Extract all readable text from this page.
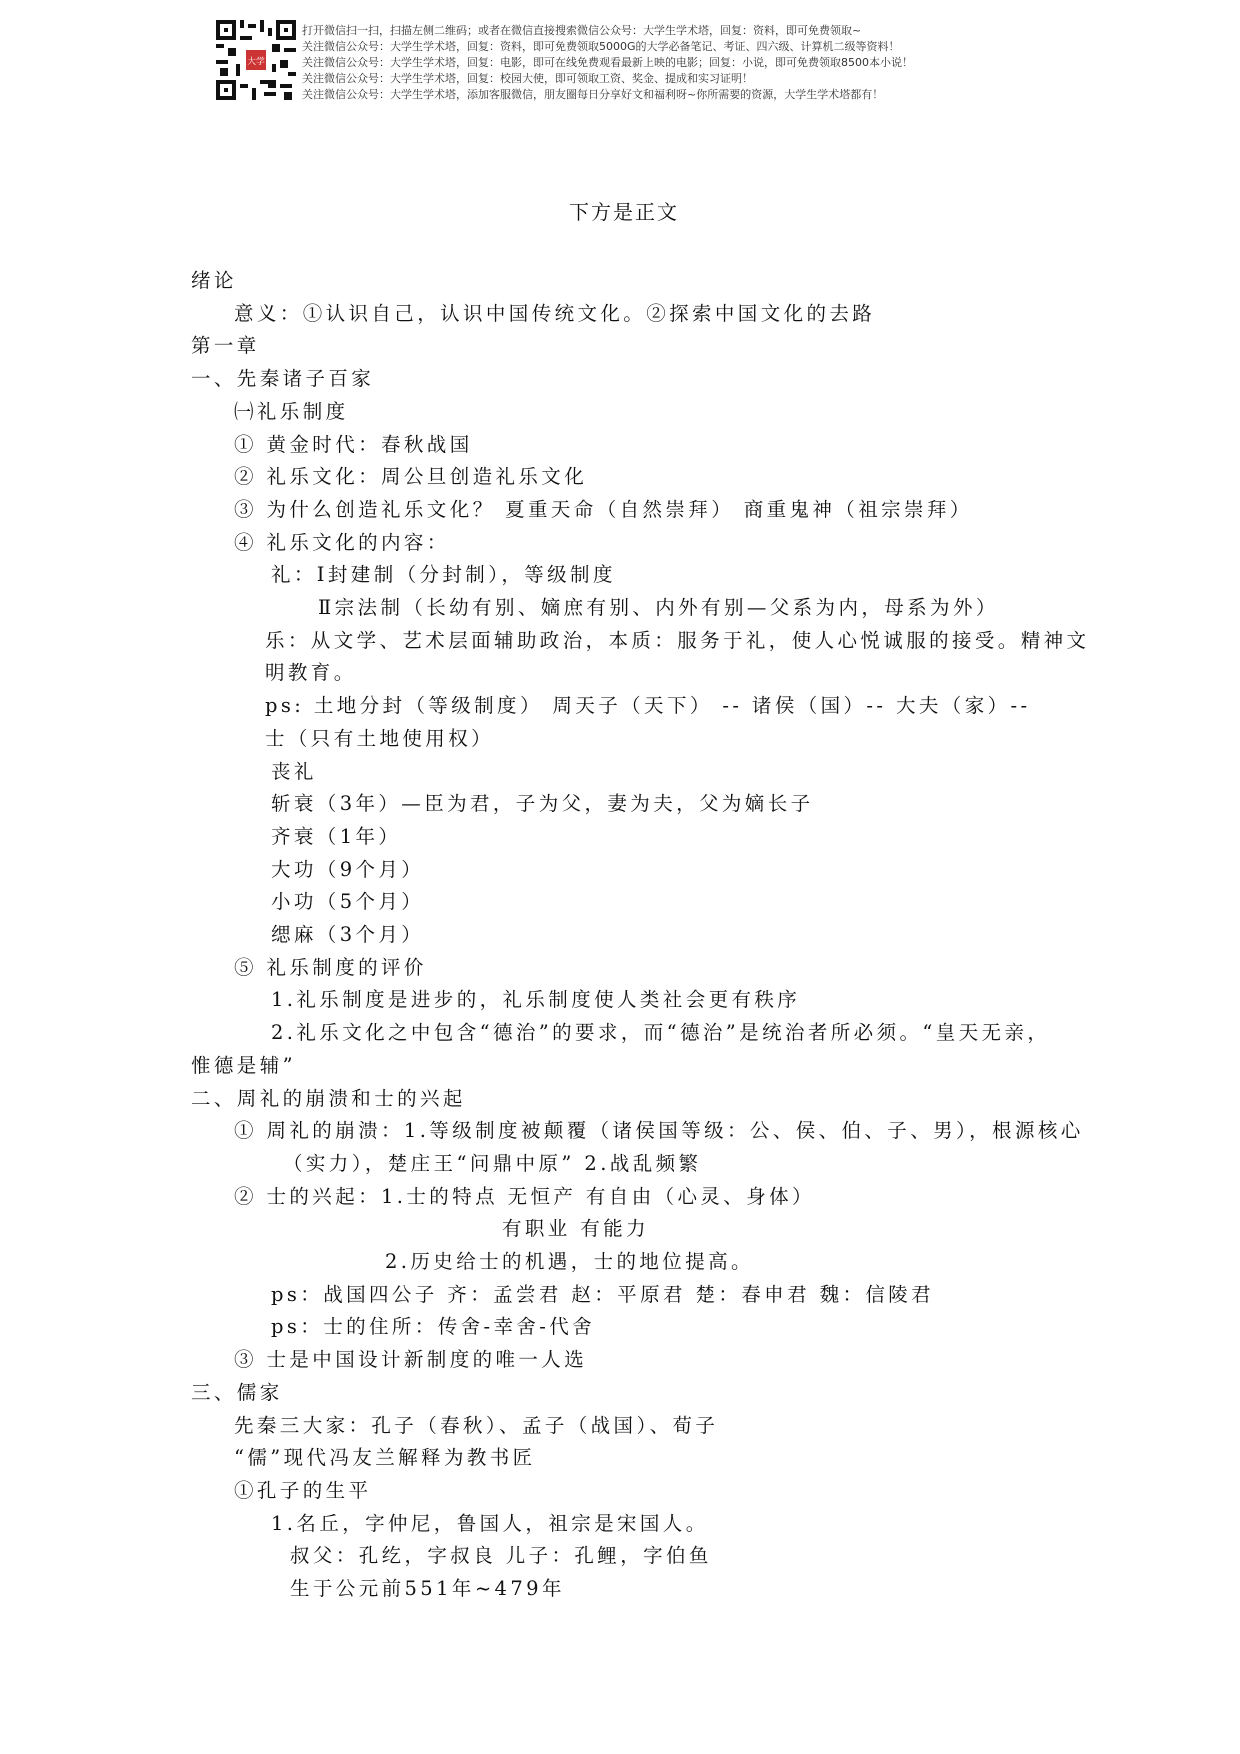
大学
打开微信扫一扫，扫描左侧二维码；或者在微信直接搜索微信公众号：大学生学术塔，回复：资料，即可免费领取~
关注微信公众号：大学生学术塔，回复：资料，即可免费领取5000G的大学必备笔记、考证、四六级、计算机二级等资料！
关注微信公众号：大学生学术塔，回复：电影，即可在线免费观看最新上映的电影；回复：小说，即可免费领取8500本小说！
关注微信公众号：大学生学术塔，回复：校园大使，即可领取工资、奖金、提成和实习证明！
关注微信公众号：大学生学术塔，添加客服微信，朋友圈每日分享好文和福利呀~你所需要的资源，大学生学术塔都有！
下方是正文
绪论
意义：①认识自己，认识中国传统文化。②探索中国文化的去路
第一章
一、先秦诸子百家
㈠礼乐制度
① 黄金时代：春秋战国
② 礼乐文化：周公旦创造礼乐文化
③ 为什么创造礼乐文化？ 夏重天命（自然崇拜） 商重鬼神（祖宗崇拜）
④ 礼乐文化的内容：
礼：Ⅰ封建制（分封制），等级制度
Ⅱ宗法制（长幼有别、嫡庶有别、内外有别—父系为内，母系为外）
乐：从文学、艺术层面辅助政治，本质：服务于礼，使人心悦诚服的接受。精神文
明教育。
ps: 土地分封（等级制度） 周天子（天下） -- 诸侯（国）-- 大夫（家）--
士（只有土地使用权）
丧礼
斩衰（3年）—臣为君，子为父，妻为夫，父为嫡长子
齐衰（1年）
大功（9个月）
小功（5个月）
缌麻（3个月）
⑤ 礼乐制度的评价
1.礼乐制度是进步的，礼乐制度使人类社会更有秩序
2.礼乐文化之中包含“德治”的要求，而“德治”是统治者所必须。“皇天无亲，
惟德是辅”
二、周礼的崩溃和士的兴起
① 周礼的崩溃：1.等级制度被颠覆（诸侯国等级：公、侯、伯、子、男），根源核心
（实力），楚庄王“问鼎中原” 2.战乱频繁
② 士的兴起：1.士的特点 无恒产 有自由（心灵、身体）
有职业 有能力
2.历史给士的机遇，士的地位提高。
ps：战国四公子 齐：孟尝君 赵：平原君 楚：春申君 魏：信陵君
ps：士的住所：传舍-幸舍-代舍
③ 士是中国设计新制度的唯一人选
三、儒家
先秦三大家：孔子（春秋）、孟子（战国）、荀子
“儒”现代冯友兰解释为教书匠
①孔子的生平
1.名丘，字仲尼，鲁国人，祖宗是宋国人。
叔父：孔纥，字叔良 儿子：孔鲤，字伯鱼
生于公元前551年~479年
